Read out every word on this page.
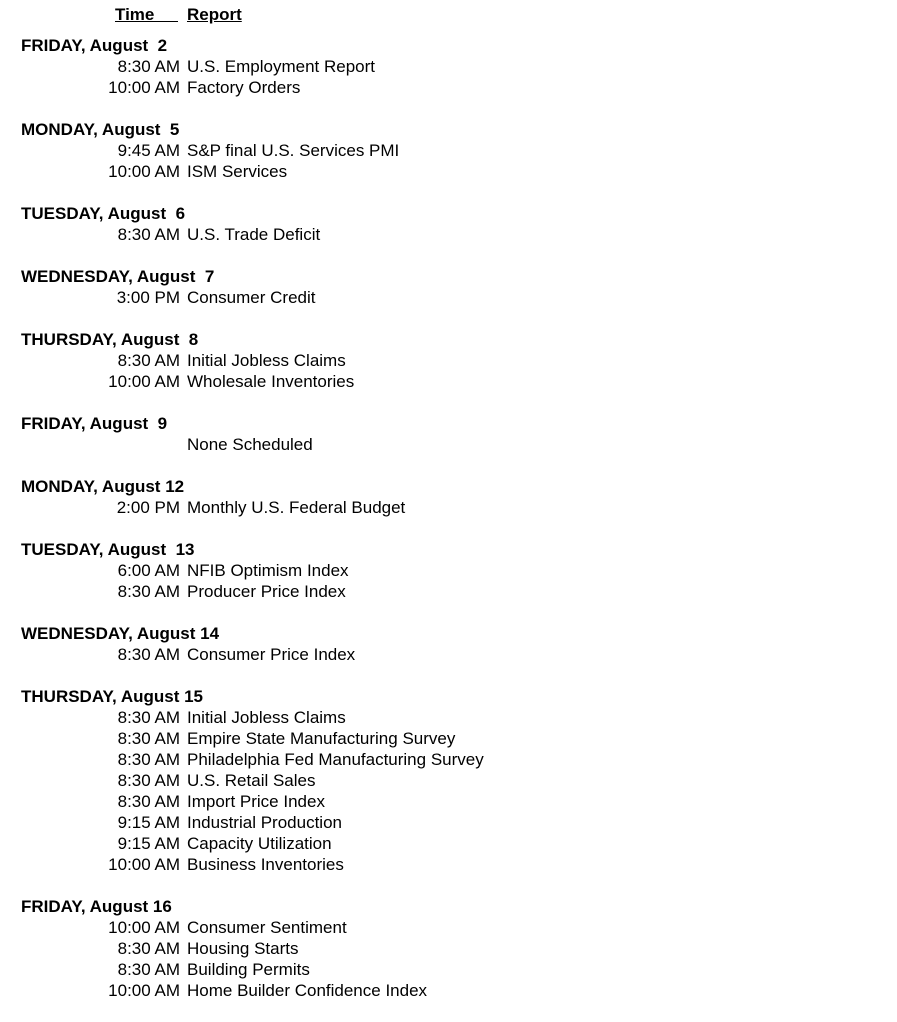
Time Report
FRIDAY, August  2
8:30 AM U.S. Employment Report
10:00 AM Factory Orders
MONDAY, August  5
9:45 AM S&P final U.S. Services PMI
10:00 AM ISM Services
TUESDAY, August  6
8:30 AM U.S. Trade Deficit
WEDNESDAY, August  7
3:00 PM Consumer Credit
THURSDAY, August  8
8:30 AM Initial Jobless Claims
10:00 AM Wholesale Inventories
FRIDAY, August  9
None Scheduled
MONDAY, August 12
2:00 PM Monthly U.S. Federal Budget
TUESDAY, August  13
6:00 AM NFIB Optimism Index
8:30 AM Producer Price Index
WEDNESDAY, August 14
8:30 AM Consumer Price Index
THURSDAY, August 15
8:30 AM Initial Jobless Claims
8:30 AM Empire State Manufacturing Survey
8:30 AM Philadelphia Fed Manufacturing Survey
8:30 AM U.S. Retail Sales
8:30 AM Import Price Index
9:15 AM Industrial Production
9:15 AM Capacity Utilization
10:00 AM Business Inventories
FRIDAY, August 16
10:00 AM Consumer Sentiment
8:30 AM Housing Starts
8:30 AM Building Permits
10:00 AM Home Builder Confidence Index
